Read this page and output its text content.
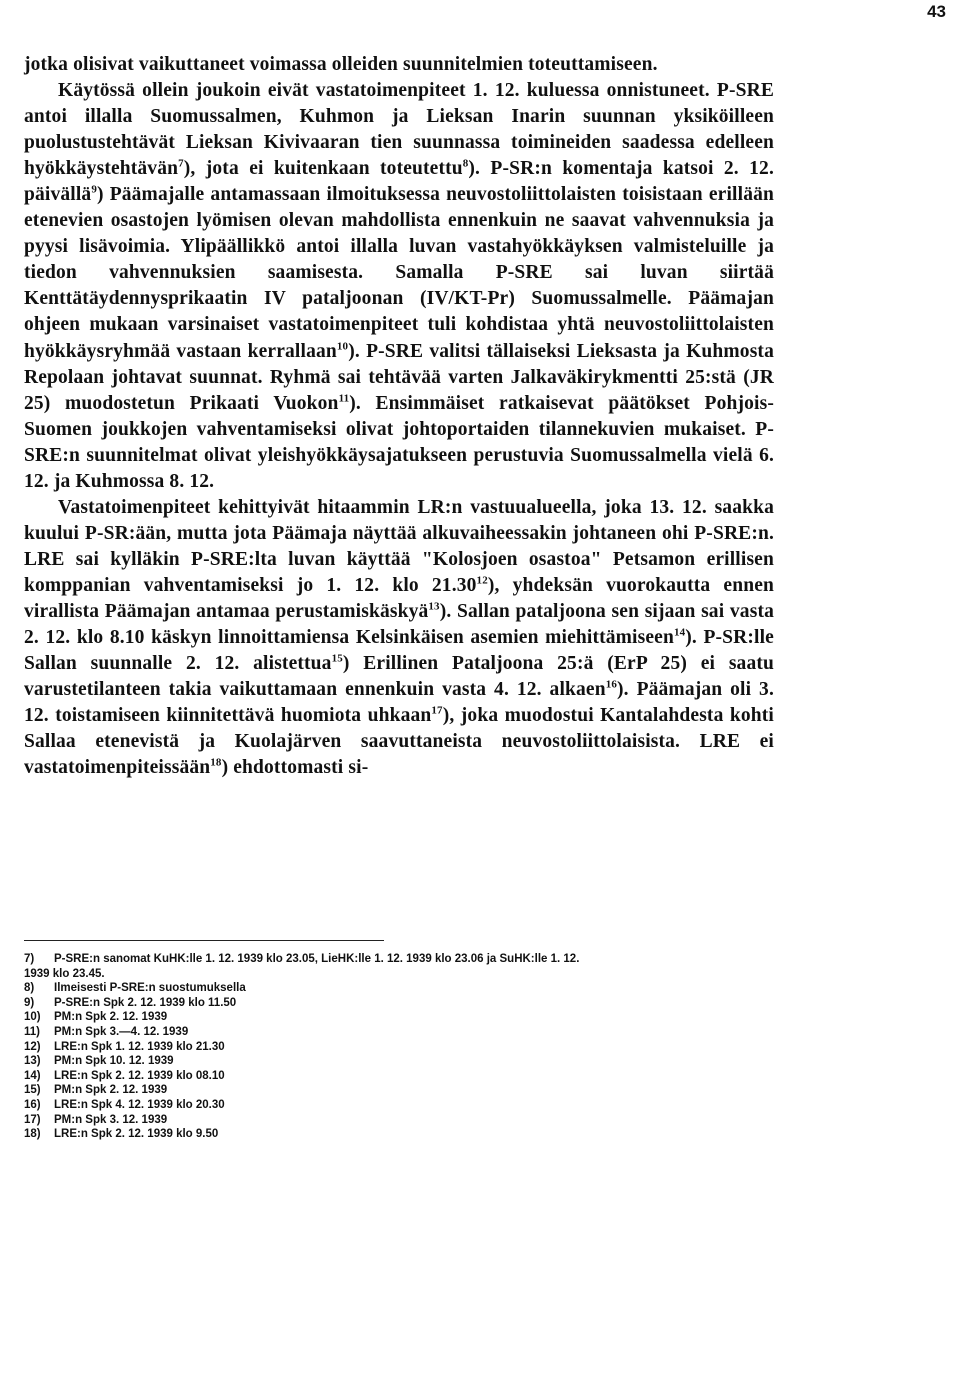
43

jotka olisivat vaikuttaneet voimassa olleiden suunnitelmien toteuttamiseen.

Käytössä ollein joukoin eivät vastatoimenpiteet 1. 12. kuluessa onnistuneet. P-SRE antoi illalla Suomussalmen, Kuhmon ja Lieksan Inarin suunnan yksiköilleen puolustustehtävät Lieksan Kivivaaran tien suunnassa toimineiden saadessa edelleen hyökkäystehtävän$^7$), jota ei kuitenkaan toteutettu$^8$). P-SR:n komentaja katsoi 2. 12. päivällä$^9$) Päämajalle antamassaan ilmoituksessa neuvostoliittolaisten toisistaan erillään etenevien osastojen lyömisen olevan mahdollista ennenkuin ne saavat vahvennuksia ja pyysi lisävoimia. Ylipäällikkö antoi illalla luvan vastahyökkäyksen valmisteluille ja tiedon vahvennuksien saamisesta. Samalla P-SRE sai luvan siirtää Kenttätäydennysprikaatin IV pataljoonan (IV/KT-Pr) Suomussalmelle. Päämajan ohjeen mukaan varsinaiset vastatoimenpiteet tuli kohdistaa yhtä neuvostoliittolaisten hyökkäysryhmää vastaan kerrallaan$^{10}$). P-SRE valitsi tällaiseksi Lieksasta ja Kuhmosta Repolaan johtavat suunnat. Ryhmä sai tehtävää varten Jalkaväkirykmentti 25:stä (JR 25) muodostetun Prikaati Vuokon$^{11}$). Ensimmäiset ratkaisevat päätökset Pohjois-Suomen joukkojen vahventamiseksi olivat johtoportaiden tilannekuvien mukaiset. P-SRE:n suunnitelmat olivat yleishyökkäysajatukseen perustuvia Suomussalmella vielä 6. 12. ja Kuhmossa 8. 12.

Vastatoimenpiteet kehittyivät hitaammin LR:n vastuualueella, joka 13. 12. saakka kuului P-SR:ään, mutta jota Päämaja näyttää alkuvaiheessakin johtaneen ohi P-SRE:n. LRE sai kylläkin P-SRE:lta luvan käyttää "Kolosjoen osastoa" Petsamon erillisen komppanian vahventamiseksi jo 1. 12. klo 21.30$^{12}$), yhdeksän vuorokautta ennen virallista Päämajan antamaa perustamiskäskyä$^{13}$). Sallan pataljoona sen sijaan sai vasta 2. 12. klo 8.10 käskyn linnoittamiensa Kelsinkäisen asemien miehittämiseen$^{14}$). P-SR:lle Sallan suunnalle 2. 12. alistettua$^{15}$) Erillinen Pataljoona 25:ä (ErP 25) ei saatu varustetilanteen takia vaikuttamaan ennenkuin vasta 4. 12. alkaen$^{16}$). Päämajan oli 3. 12. toistamiseen kiinnitettävä huomiota uhkaan$^{17}$), joka muodostui Kantalahdesta kohti Sallaa etenevistä ja Kuolajärven saavuttaneista neuvostoliittolaisista. LRE ei vastatoimenpiteissään$^{18}$) ehdottomasti si-

7)	P-SRE:n sanomat KuHK:lle 1. 12. 1939 klo 23.05, LieHK:lle 1. 12. 1939 klo 23.06 ja SuHK:lle 1. 12.
1939 klo 23.45.
8)	Ilmeisesti P-SRE:n suostumuksella
9)	P-SRE:n Spk 2. 12. 1939 klo 11.50
10)	PM:n Spk 2. 12. 1939
11)	PM:n Spk 3.—4. 12. 1939
12)	LRE:n Spk 1. 12. 1939 klo 21.30
13)	PM:n Spk 10. 12. 1939
14)	LRE:n Spk 2. 12. 1939 klo 08.10
15)	PM:n Spk 2. 12. 1939
16)	LRE:n Spk 4. 12. 1939 klo 20.30
17)	PM:n Spk 3. 12. 1939
18)	LRE:n Spk 2. 12. 1939 klo 9.50
